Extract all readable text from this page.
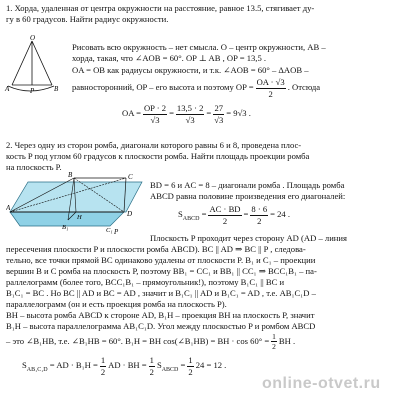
1. Хорда, удаленная от центра окружности на расстояние, равное 13.5, стягивает ду-
гу в 60 градусов. Найти радиус окружности.
O
A	P	B
Рисовать всю окружность – нет смысла. O – центр окружности, AB –
хорда, такая, что ∠AOB = 60°. OP ⊥ AB , OP = 13,5 .
OA = OB как радиусы окружности, и т.к. ∠AOB = 60° – ΔAOB –
равносторонний, OP – его высота и поэтому OP = $\frac{OA \cdot √3}{2}$ . Отсюда
OA = $\frac{OP \cdot 2}{√3} = \frac{13,5 \cdot 2}{√3} = \frac{27}{√3} = 9√3$ .
2. Через одну из сторон ромба, диагонали которого равны 6 и 8, проведена плос-
кость P под углом 60 градусов к плоскости ромба. Найти площадь проекции ромба
на плоскость P.
B	C
A
D
B₁	C₁
H
P
BD = 6 и AC = 8 – диагонали ромба . Площадь ромба
ABCD равна половине произведения его диагоналей:
$S_{ABCD} = \frac{AC \cdot BD}{2} = \frac{8 \cdot 6}{2} = 24$ .
Плоскость P проходит через сторону AD (AD – линия
пересечения плоскости P и плоскости ромба ABCD). BC || AD ⇒ BC || P , следова-
тельно, все точки прямой BC одинаково удалены от плоскости P. B₁ и C₁ – проекции
вершин B и C ромба на плоскость P, поэтому BB₁ = CC₁ и BB₁ || CC₁ ⇒ BCC₁B₁ – па-
раллелограмм (более того, BCC₁B₁ – прямоугольник!), поэтому B₁C₁ || BC и
B₁C₁ = BC . Но BC || AD и BC = AD , значит и B₁C₁ || AD и B₁C₁ = AD , т.е. AB₁C₁D –
параллелограмм (он и есть проекция ромба на плоскость P).
BH – высота ромба ABCD к стороне AD, B₁H – проекция BH на плоскость P, значит
B₁H – высота параллелограмма AB₁C₁D. Угол между плоскостью P и ромбом ABCD
– это ∠B₁HB, т.е. ∠B₁HB = 60°. B₁H = BH cos(∠B₁HB) = BH · $\cos 60^\circ = \frac{1}{2}$ BH .
$S_{AB_1C_1D}$ = AD · $B_1H = \frac{1}{2}$ AD · BH = $\frac{1}{2} S_{ABCD} = \frac{1}{2} 24 = 12$ .
online-otvet.ru
